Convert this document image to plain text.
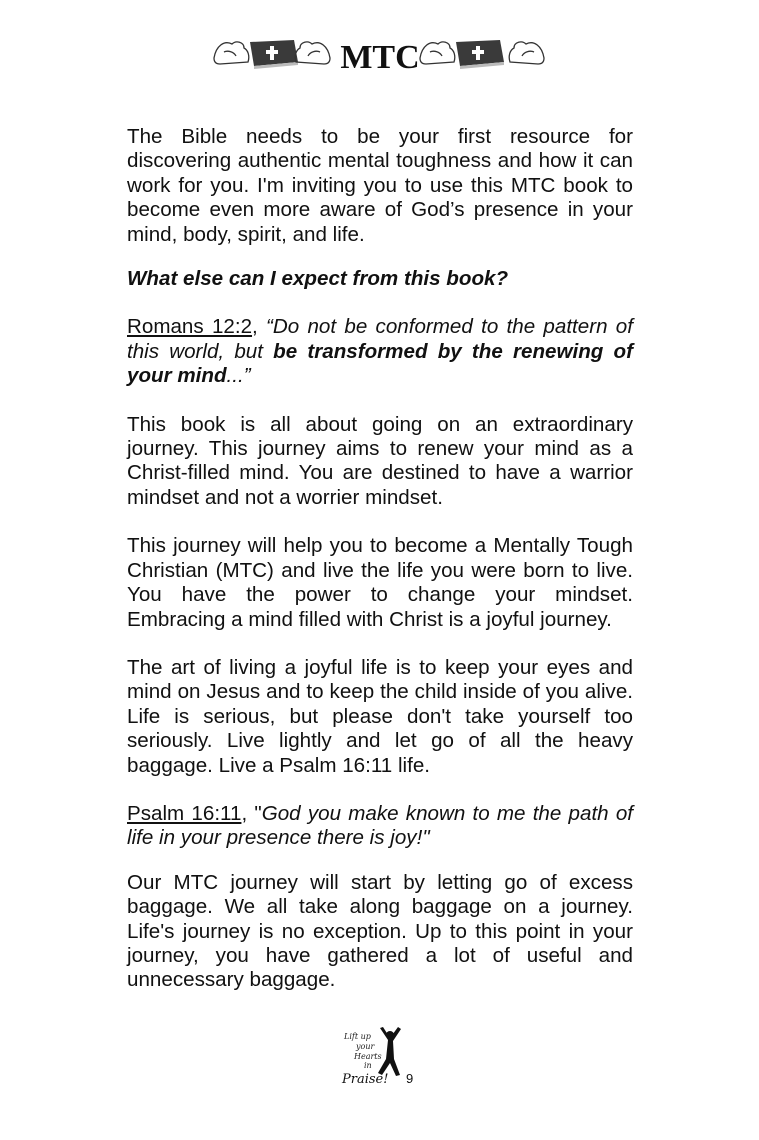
MTC

The Bible needs to be your first resource for discovering authentic mental toughness and how it can work for you. I'm inviting you to use this MTC book to become even more aware of God’s presence in your mind, body, spirit, and life.

What else can I expect from this book?

Romans 12:2, “Do not be conformed to the pattern of this world, but be transformed by the renewing of your mind...”

This book is all about going on an extraordinary journey. This journey aims to renew your mind as a Christ-filled mind. You are destined to have a warrior mindset and not a worrier mindset.

This journey will help you to become a Mentally Tough Christian (MTC) and live the life you were born to live. You have the power to change your mindset. Embracing a mind filled with Christ is a joyful journey.

The art of living a joyful life is to keep your eyes and mind on Jesus and to keep the child inside of you alive. Life is serious, but please don't take yourself too seriously. Live lightly and let go of all the heavy baggage. Live a Psalm 16:11 life.

Psalm 16:11, "God you make known to me the path of life in your presence there is joy!"

Our MTC journey will start by letting go of excess baggage. We all take along baggage on a journey. Life's journey is no exception. Up to this point in your journey, you have gathered a lot of useful and unnecessary baggage.

Lift up
your
Hearts
in
Praise! 9
